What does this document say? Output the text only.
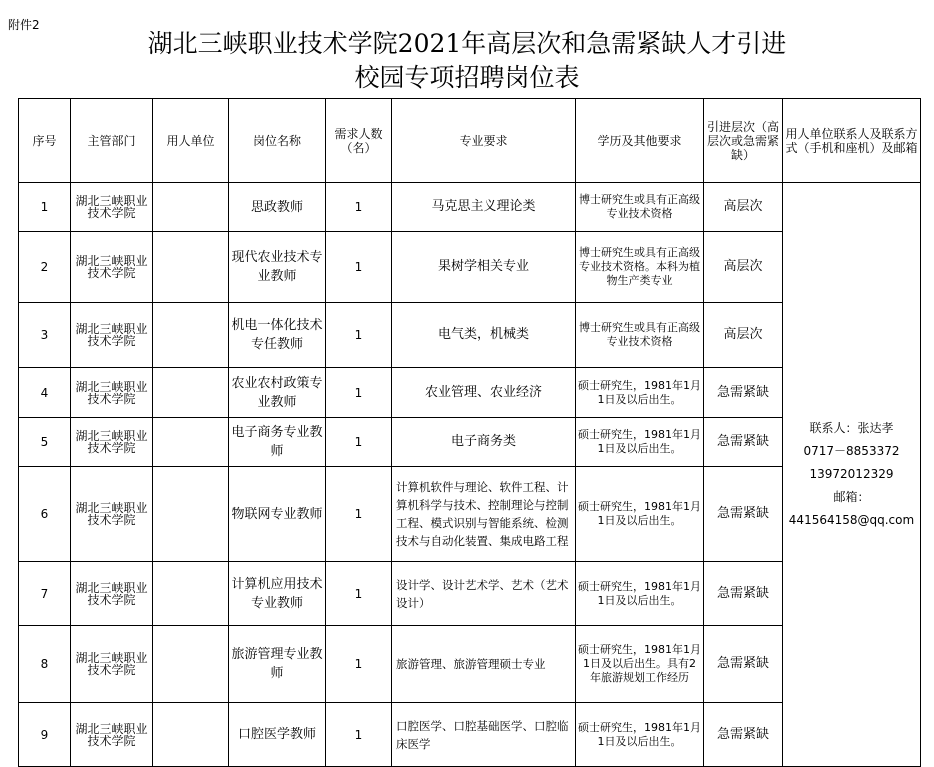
附件2
湖北三峡职业技术学院2021年高层次和急需紧缺人才引进
校园专项招聘岗位表
序号	主管部门	用人单位	岗位名称	需求人数（名）	专业要求	学历及其他要求	引进层次（高层次或急需紧缺）	用人单位联系人及联系方式（手机和座机）及邮箱
1	湖北三峡职业技术学院		思政教师	1	马克思主义理论类	博士研究生或具有正高级专业技术资格	高层次	联系人：张达孝
0717－8853372
13972012329
邮箱：
441564158@qq.com

2	湖北三峡职业技术学院		现代农业技术专业教师	1	果树学相关专业	博士研究生或具有正高级专业技术资格。本科为植物生产类专业	高层次	
3	湖北三峡职业技术学院		机电一体化技术专任教师	1	电气类，机械类	博士研究生或具有正高级专业技术资格	高层次	
4	湖北三峡职业技术学院		农业农村政策专业教师	1	农业管理、农业经济	硕士研究生，1981年1月1日及以后出生。	急需紧缺	
5	湖北三峡职业技术学院		电子商务专业教师	1	电子商务类	硕士研究生，1981年1月1日及以后出生。	急需紧缺	
6	湖北三峡职业技术学院		物联网专业教师	1	计算机软件与理论、软件工程、计算机科学与技术、控制理论与控制工程、模式识别与智能系统、检测技术与自动化装置、集成电路工程	硕士研究生，1981年1月1日及以后出生。	急需紧缺	
7	湖北三峡职业技术学院		计算机应用技术专业教师	1	设计学、设计艺术学、艺术（艺术设计）	硕士研究生，1981年1月1日及以后出生。	急需紧缺	
8	湖北三峡职业技术学院		旅游管理专业教师	1	旅游管理、旅游管理硕士专业	硕士研究生，1981年1月1日及以后出生。具有2年旅游规划工作经历	急需紧缺	
9	湖北三峡职业技术学院		口腔医学教师	1	口腔医学、口腔基础医学、口腔临床医学	硕士研究生，1981年1月1日及以后出生。	急需紧缺	
